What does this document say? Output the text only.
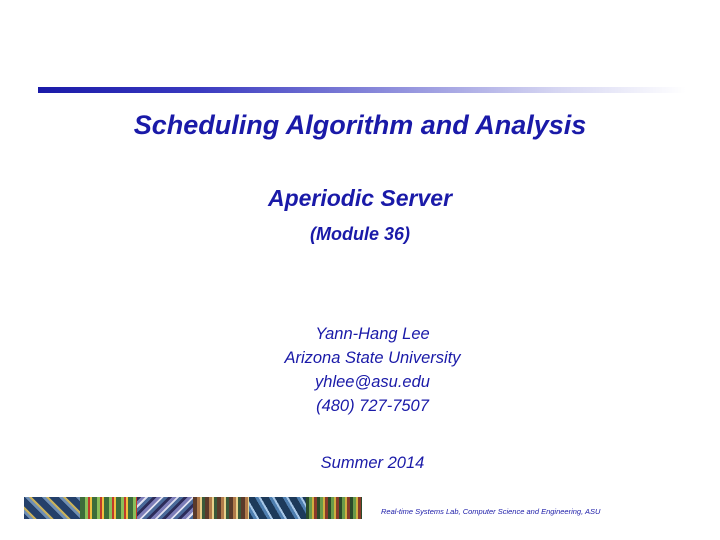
Scheduling Algorithm and Analysis
Aperiodic Server
(Module 36)
Yann-Hang Lee
Arizona State University
yhlee@asu.edu
(480) 727-7507
Summer 2014
Real-time Systems Lab, Computer Science and Engineering, ASU
